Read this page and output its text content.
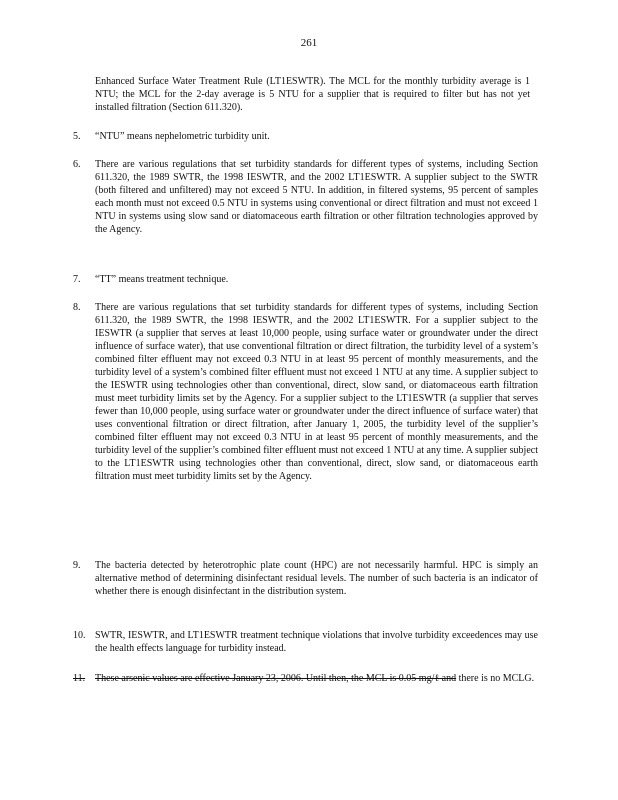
261
Enhanced Surface Water Treatment Rule (LT1ESWTR). The MCL for the monthly turbidity average is 1 NTU; the MCL for the 2-day average is 5 NTU for a supplier that is required to filter but has not yet installed filtration (Section 611.320).
5.	“NTU” means nephelometric turbidity unit.
6.	There are various regulations that set turbidity standards for different types of systems, including Section 611.320, the 1989 SWTR, the 1998 IESWTR, and the 2002 LT1ESWTR. A supplier subject to the SWTR (both filtered and unfiltered) may not exceed 5 NTU. In addition, in filtered systems, 95 percent of samples each month must not exceed 0.5 NTU in systems using conventional or direct filtration and must not exceed 1 NTU in systems using slow sand or diatomaceous earth filtration or other filtration technologies approved by the Agency.
7.	“TT” means treatment technique.
8.	There are various regulations that set turbidity standards for different types of systems, including Section 611.320, the 1989 SWTR, the 1998 IESWTR, and the 2002 LT1ESWTR. For a supplier subject to the IESWTR (a supplier that serves at least 10,000 people, using surface water or groundwater under the direct influence of surface water), that use conventional filtration or direct filtration, the turbidity level of a system’s combined filter effluent may not exceed 0.3 NTU in at least 95 percent of monthly measurements, and the turbidity level of a system’s combined filter effluent must not exceed 1 NTU at any time. A supplier subject to the IESWTR using technologies other than conventional, direct, slow sand, or diatomaceous earth filtration must meet turbidity limits set by the Agency. For a supplier subject to the LT1ESWTR (a supplier that serves fewer than 10,000 people, using surface water or groundwater under the direct influence of surface water) that uses conventional filtration or direct filtration, after January 1, 2005, the turbidity level of the supplier’s combined filter effluent may not exceed 0.3 NTU in at least 95 percent of monthly measurements, and the turbidity level of the supplier’s combined filter effluent must not exceed 1 NTU at any time. A supplier subject to the LT1ESWTR using technologies other than conventional, direct, slow sand, or diatomaceous earth filtration must meet turbidity limits set by the Agency.
9.	The bacteria detected by heterotrophic plate count (HPC) are not necessarily harmful. HPC is simply an alternative method of determining disinfectant residual levels. The number of such bacteria is an indicator of whether there is enough disinfectant in the distribution system.
10. SWTR, IESWTR, and LT1ESWTR treatment technique violations that involve turbidity exceedences may use the health effects language for turbidity instead.
11. These arsenic values are effective January 23, 2006. Until then, the MCL is 0.05 mg/ℓ and there is no MCLG.
